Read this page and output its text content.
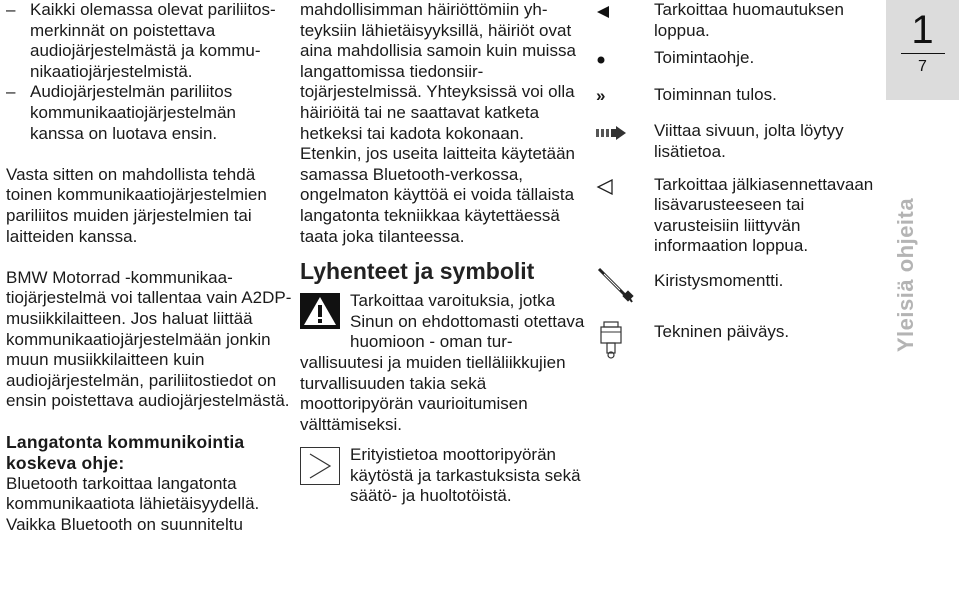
– Kaikki olemassa olevat pariliitosmerkinnät on poistettava audiojärjestelmästä ja kommunikaatiojärjestelmistä.
– Audiojärjestelmän pariliitos kommunikaatiojärjestelmän kanssa on luotava ensin.

Vasta sitten on mahdollista tehdä toinen kommunikaatiojärjestelmien pariliitos muiden järjestelmien tai laitteiden kanssa.

BMW Motorrad -kommunikaatiojärjestelmä voi tallentaa vain A2DP-musiikkilaitteen. Jos haluat liittää kommunikaatiojärjestelmään jonkin muun musiikkilaitteen kuin audiojärjestelmän, pariliitostiedot on ensin poistettava audiojärjestelmästä.

Langatonta kommunikointia koskeva ohje:

Bluetooth tarkoittaa langatonta kommunikaatiota lähietäisyydellä. Vaikka Bluetooth on suunniteltu

mahdollisimman häiriöttömiin yhteyksiin lähietäisyyksillä, häiriöt ovat aina mahdollisia samoin kuin muissa langattomissa tiedonsiirtojärjestelmissä. Yhteyksissä voi olla häiriöitä tai ne saattavat katketa hetkeksi tai kadota kokonaan. Etenkin, jos useita laitteita käytetään samassa Bluetooth-verkossa, ongelmaton käyttöä ei voida tällaista langatonta tekniikkaa käytettäessä taata joka tilanteessa.

Lyhenteet ja symbolit
Tarkoittaa varoituksia, jotka Sinun on ehdottomasti otettava huomioon - oman turvallisuutesi ja muiden tielläliikkujien turvallisuuden takia sekä moottoripyörän vaurioitumisen välttämiseksi.
Erityistietoa moottoripyörän käytöstä ja tarkastuksista sekä säätö- ja huoltotöistä.
Tarkoittaa huomautuksen loppua.
Toimintaohje.
»	Toiminnan tulos.
Viittaa sivuun, jolta löytyy lisätietoa.
Tarkoittaa jälkiasennettavaan lisävarusteeseen tai varusteisiin liittyvän informaation loppua.
Kiristysmomentti.
Tekninen päiväys.
1
7
Yleisiä ohjeita
